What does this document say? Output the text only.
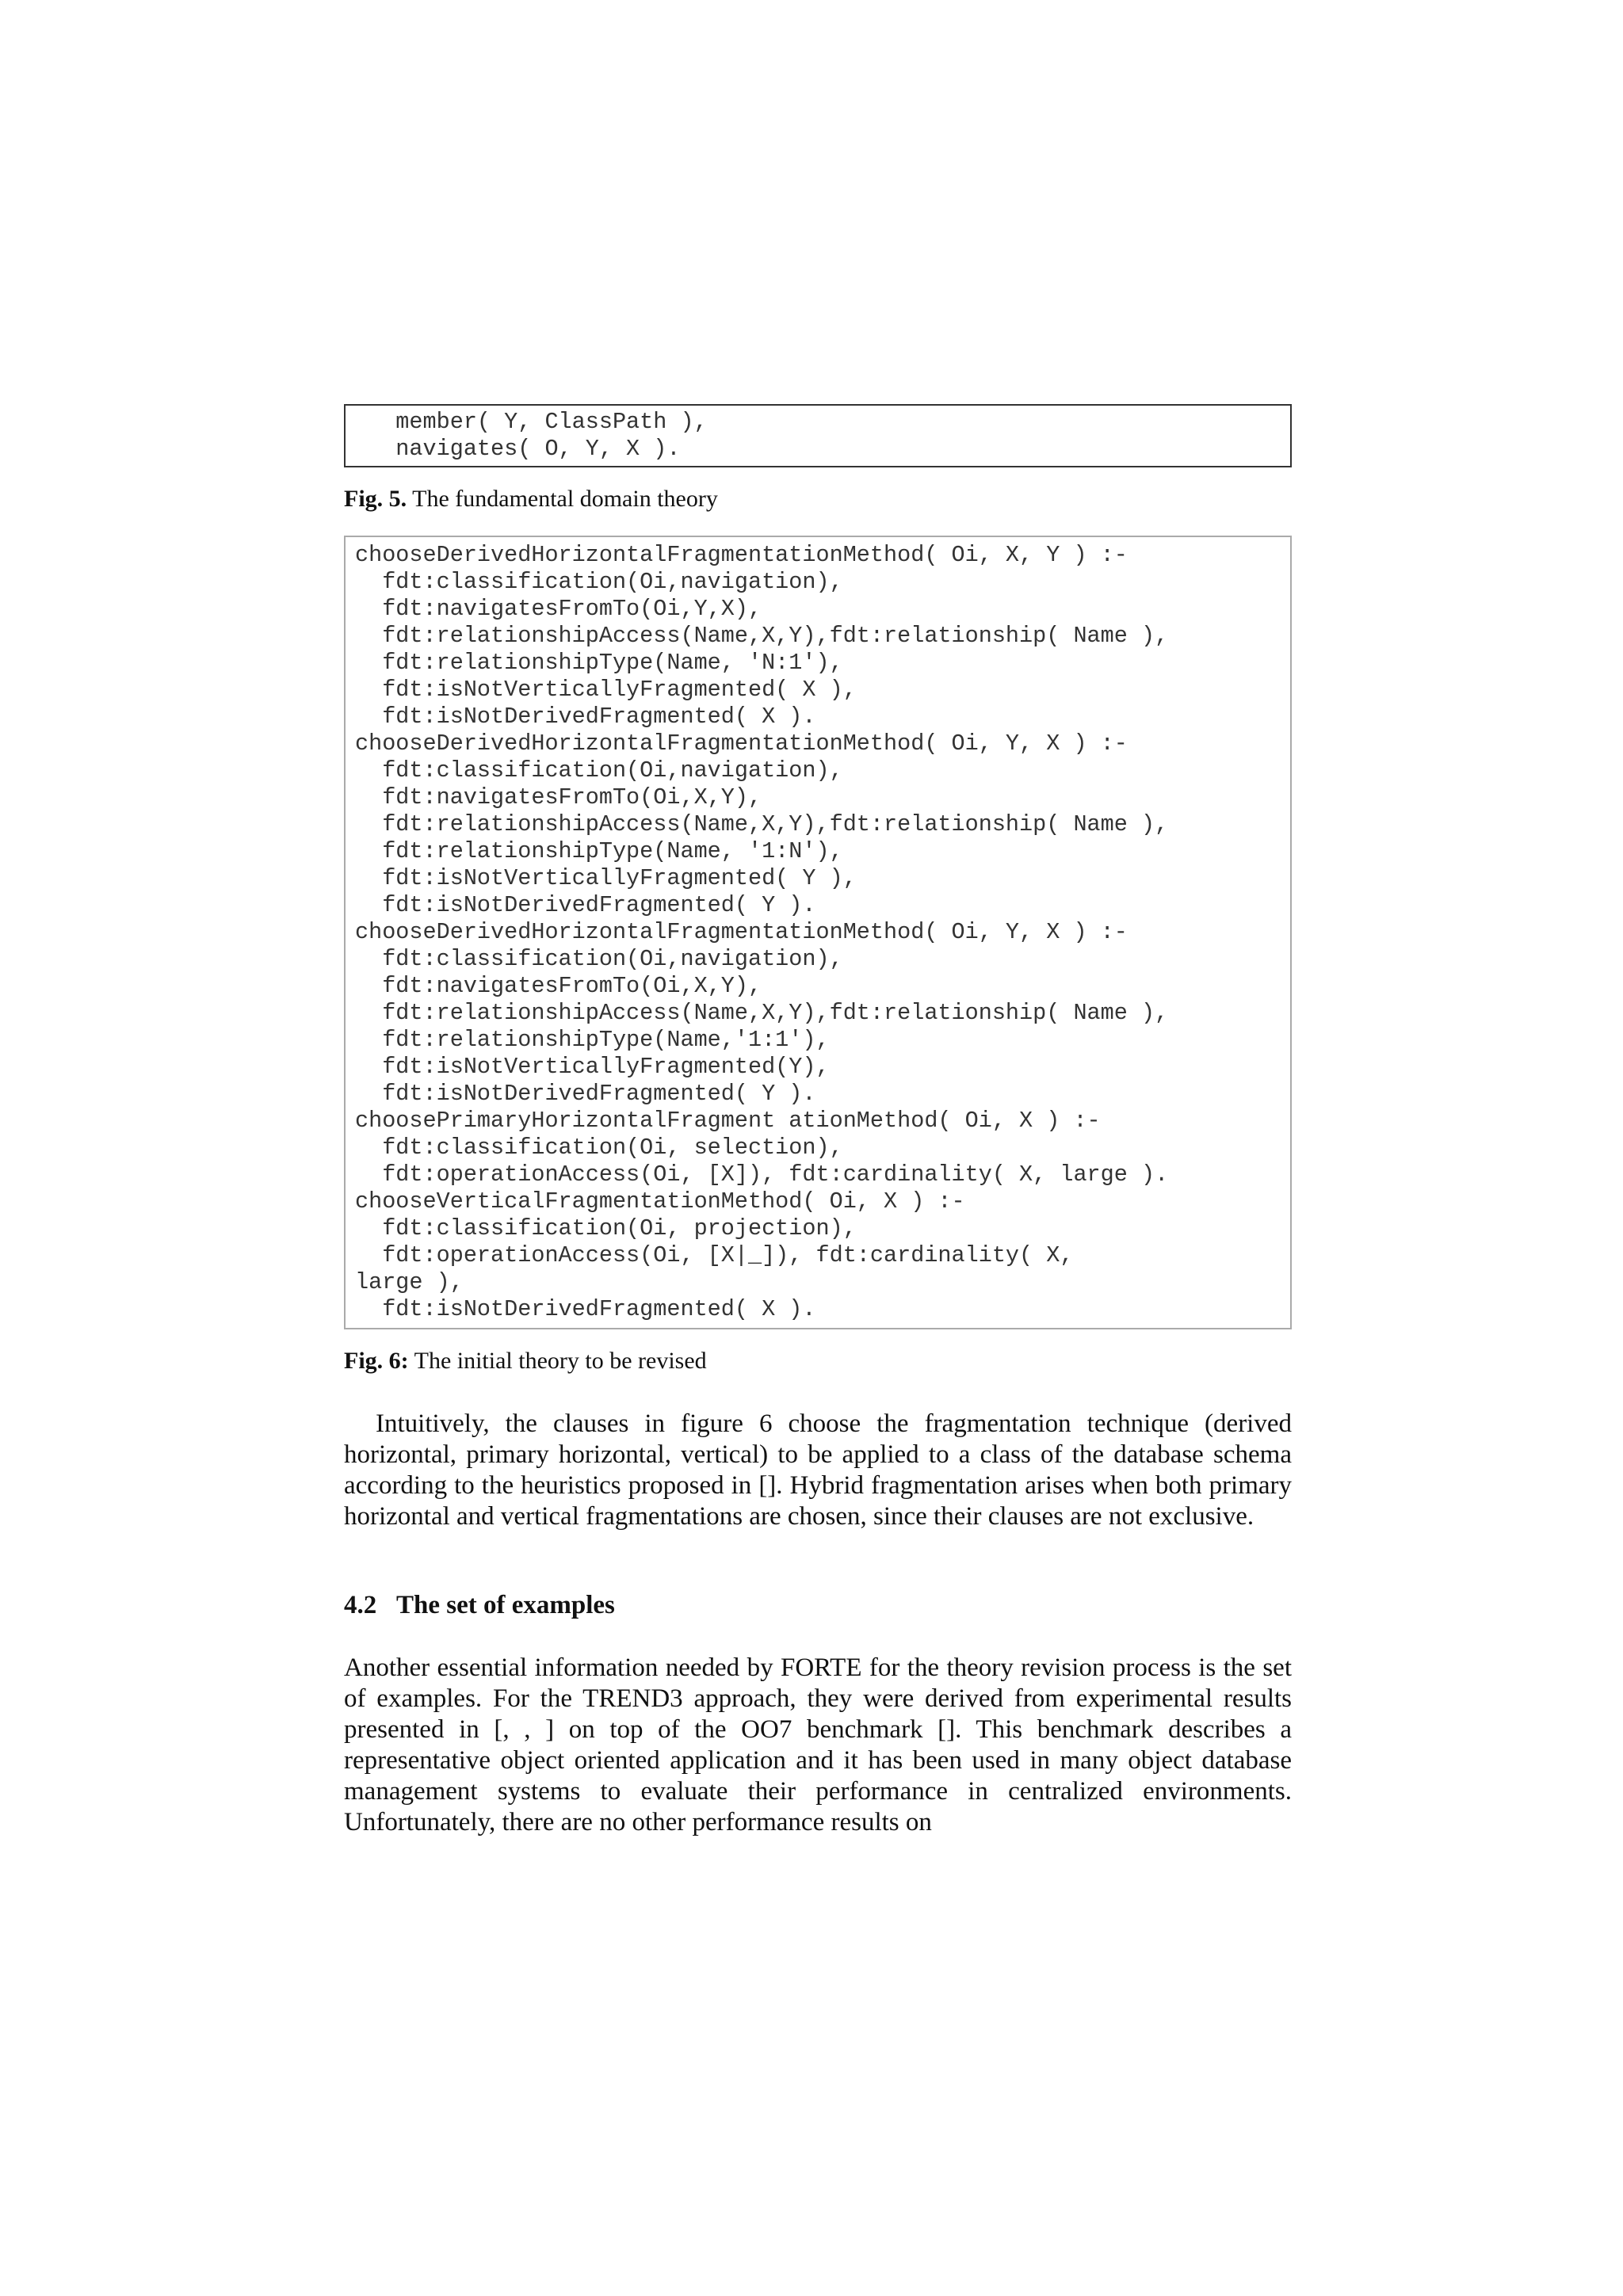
member( Y, ClassPath ),
navigates( O, Y, X ).
Fig. 5. The fundamental domain theory
chooseDerivedHorizontalFragmentationMethod( Oi, X, Y ) :-
fdt:classification(Oi,navigation),
fdt:navigatesFromTo(Oi,Y,X),
fdt:relationshipAccess(Name,X,Y),fdt:relationship( Name ),
fdt:relationshipType(Name, 'N:1'),
fdt:isNotVerticallyFragmented( X ),
fdt:isNotDerivedFragmented( X ).
chooseDerivedHorizontalFragmentationMethod( Oi, Y, X ) :-
fdt:classification(Oi,navigation),
fdt:navigatesFromTo(Oi,X,Y),
fdt:relationshipAccess(Name,X,Y),fdt:relationship( Name ),
fdt:relationshipType(Name, '1:N'),
fdt:isNotVerticallyFragmented( Y ),
fdt:isNotDerivedFragmented( Y ).
chooseDerivedHorizontalFragmentationMethod( Oi, Y, X ) :-
fdt:classification(Oi,navigation),
fdt:navigatesFromTo(Oi,X,Y),
fdt:relationshipAccess(Name,X,Y),fdt:relationship( Name ),
fdt:relationshipType(Name,'1:1'),
fdt:isNotVerticallyFragmented(Y),
fdt:isNotDerivedFragmented( Y ).
choosePrimaryHorizontalFragment ationMethod( Oi, X ) :-
fdt:classification(Oi, selection),
fdt:operationAccess(Oi, [X]), fdt:cardinality( X, large ).
chooseVerticalFragmentationMethod( Oi, X ) :-
fdt:classification(Oi, projection),
fdt:operationAccess(Oi, [X|_]), fdt:cardinality( X,
large ),
fdt:isNotDerivedFragmented( X ).
Fig. 6: The initial theory to be revised

Intuitively, the clauses in figure 6 choose the fragmentation technique (derived horizontal, primary horizontal, vertical) to be applied to a class of the database schema according to the heuristics proposed in []. Hybrid fragmentation arises when both primary horizontal and vertical fragmentations are chosen, since their clauses are not exclusive.

4.2 The set of examples

Another essential information needed by FORTE for the theory revision process is the set of examples. For the TREND3 approach, they were derived from experimental results presented in [, , ] on top of the OO7 benchmark []. This benchmark describes a representative object oriented application and it has been used in many object database management systems to evaluate their performance in centralized environments. Unfortunately, there are no other performance results on
